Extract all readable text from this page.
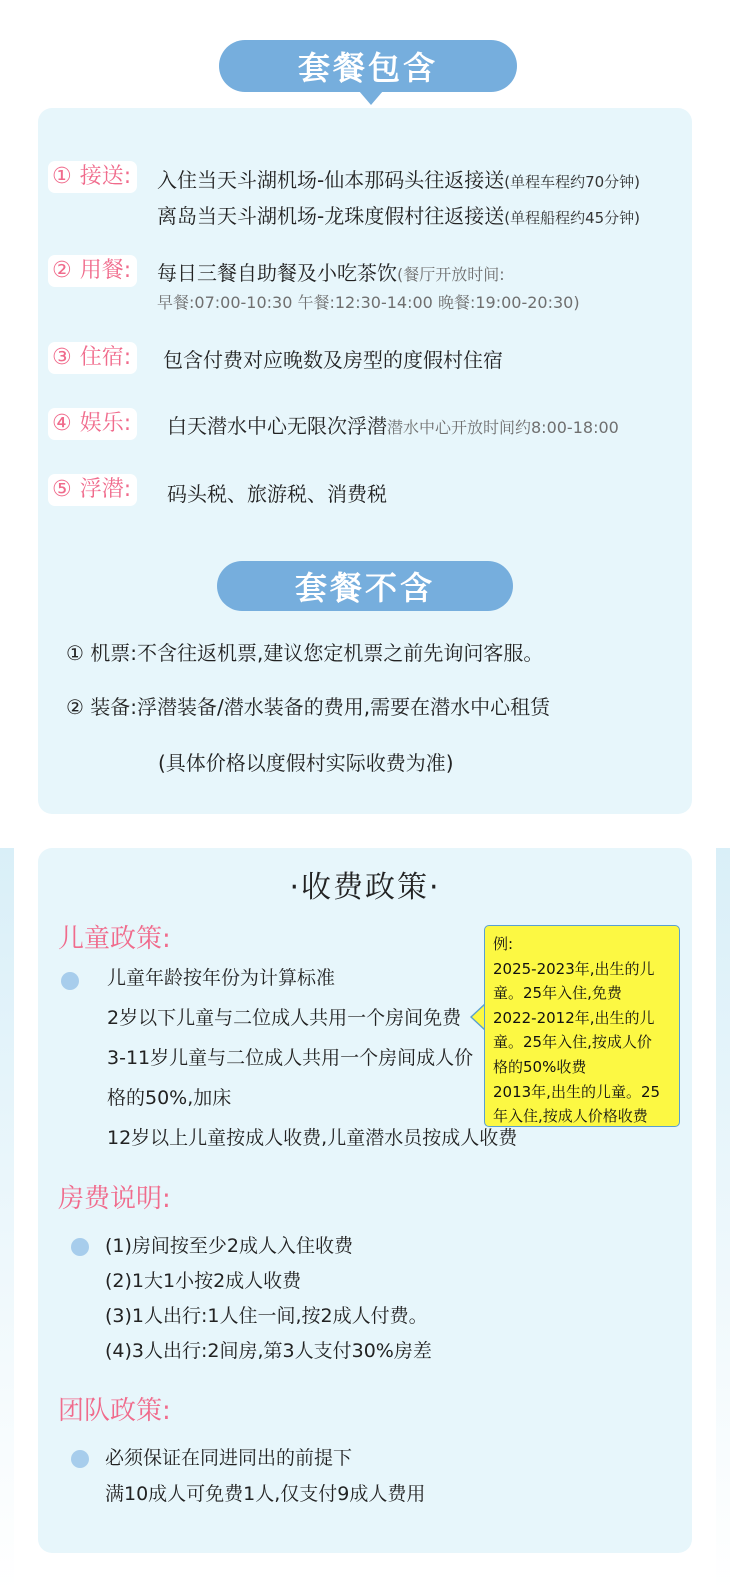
套餐包含
① 接送:	入住当天斗湖机场-仙本那码头往返接送(单程车程约70分钟)
离岛当天斗湖机场-龙珠度假村往返接送(单程船程约45分钟)
② 用餐:	每日三餐自助餐及小吃茶饮(餐厅开放时间:
早餐:07:00-10:30 午餐:12:30-14:00 晚餐:19:00-20:30)
③ 住宿:	包含付费对应晚数及房型的度假村住宿
④ 娱乐:	白天潜水中心无限次浮潜潜水中心开放时间约8:00-18:00
⑤ 浮潜:	码头税、旅游税、消费税
套餐不含
① 机票:不含往返机票,建议您定机票之前先询问客服。
② 装备:浮潜装备/潜水装备的费用,需要在潜水中心租赁
(具体价格以度假村实际收费为准)
·收费政策·
儿童政策:
儿童年龄按年份为计算标准
2岁以下儿童与二位成人共用一个房间免费
3-11岁儿童与二位成人共用一个房间成人价
格的50%,加床
12岁以上儿童按成人收费,儿童潜水员按成人收费
例:
2025-2023年,出生的儿
童。25年入住,免费
2022-2012年,出生的儿
童。25年入住,按成人价
格的50%收费
2013年,出生的儿童。25
年入住,按成人价格收费
房费说明:
(1)房间按至少2成人入住收费
(2)1大1小按2成人收费
(3)1人出行:1人住一间,按2成人付费。
(4)3人出行:2间房,第3人支付30%房差
团队政策:
必须保证在同进同出的前提下
满10成人可免费1人,仅支付9成人费用
